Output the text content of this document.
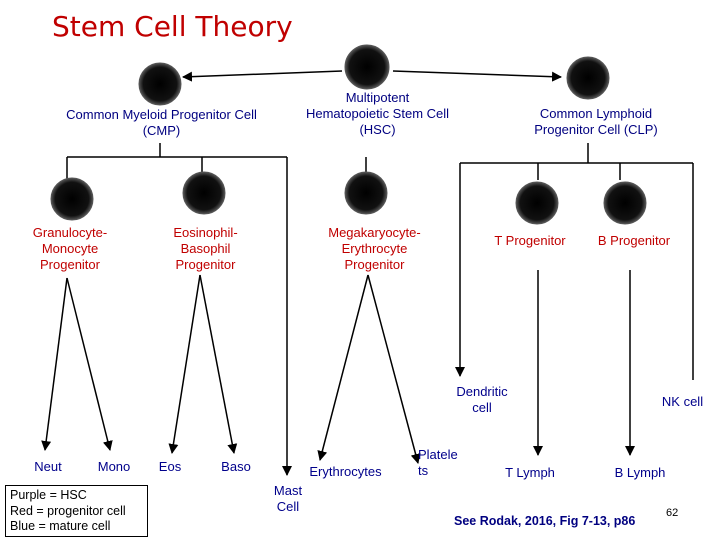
Stem Cell Theory
Multipotent
Hematopoietic Stem Cell
(HSC)
Common Myeloid Progenitor Cell
(CMP)
Common Lymphoid
Progenitor Cell (CLP)
Granulocyte-
Monocyte
Progenitor
Eosinophil-
Basophil
Progenitor
Megakaryocyte-
Erythrocyte
Progenitor
T Progenitor	B Progenitor
Dendritic
cell	NK cell
Neut	Mono	Eos	Baso
Mast
Cell
Erythrocytes
Platele
ts	T Lymph	B Lymph
Purple = HSC
Red = progenitor cell
Blue = mature cell	See Rodak, 2016, Fig 7-13, p86
62
